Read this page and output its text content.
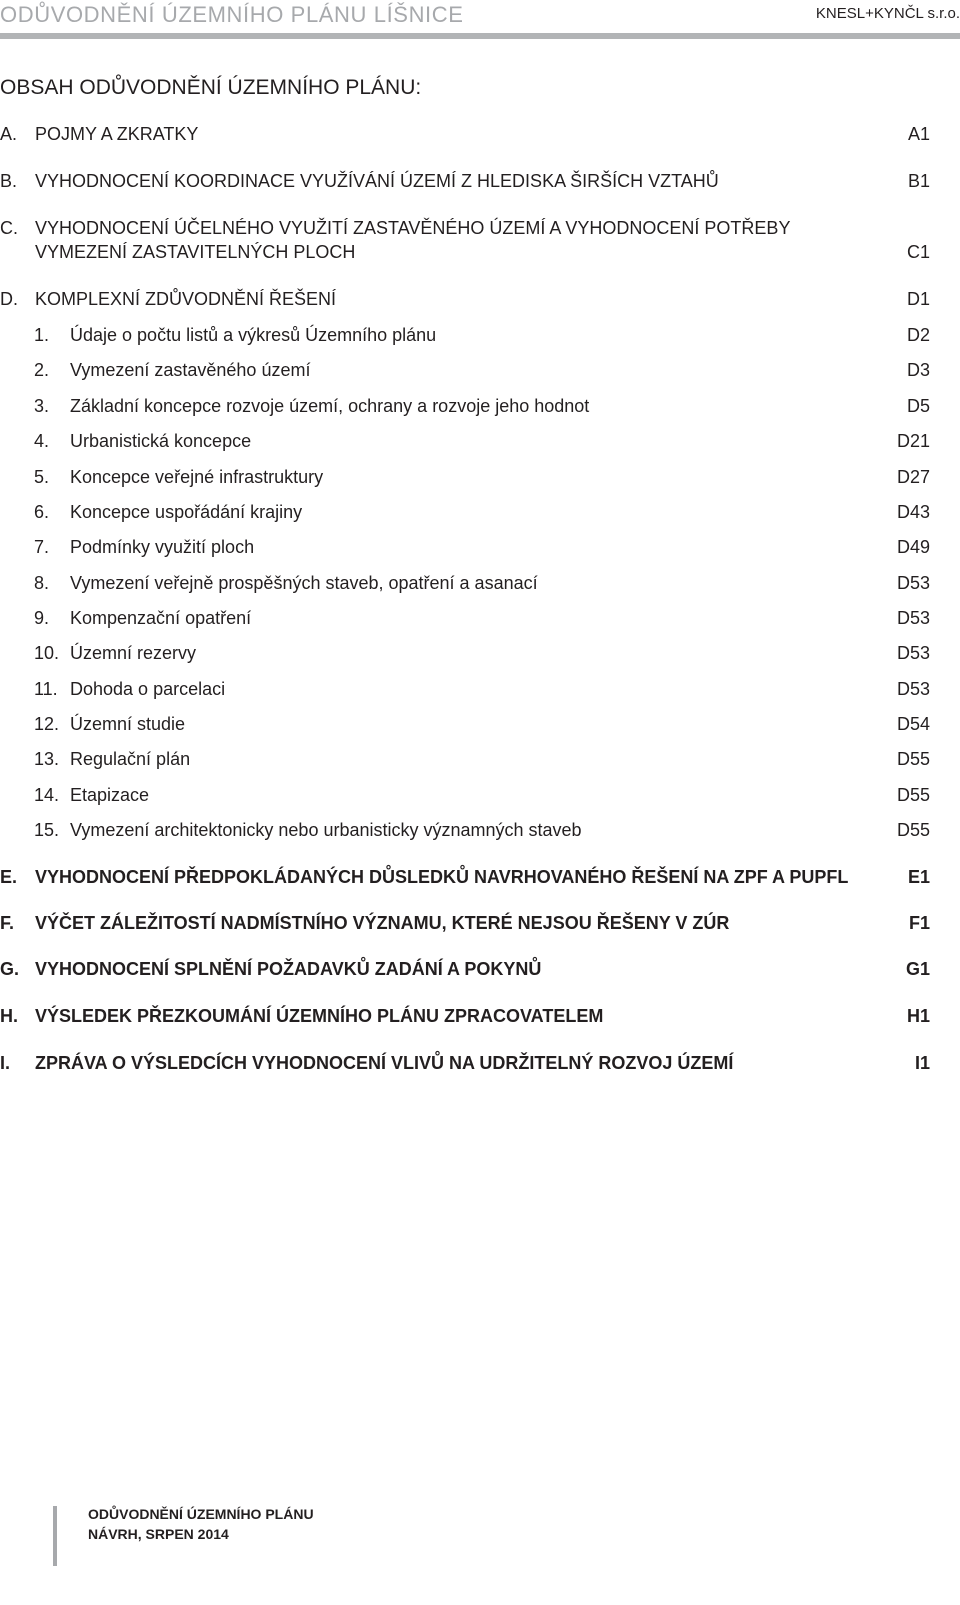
ODŮVODNĚNÍ ÚZEMNÍHO PLÁNU LÍŠNICE	KNESL+KYNČL s.r.o.
OBSAH ODŮVODNĚNÍ ÚZEMNÍHO PLÁNU:
A. POJMY A ZKRATKY	A1
B. VYHODNOCENÍ KOORDINACE VYUŽÍVÁNÍ ÚZEMÍ Z HLEDISKA ŠIRŠÍCH VZTAHŮ	B1
C. VYHODNOCENÍ ÚČELNÉHO VYUŽITÍ ZASTAVĚNÉHO ÚZEMÍ A VYHODNOCENÍ POTŘEBY
VYMEZENÍ ZASTAVITELNÝCH PLOCH	C1
D. KOMPLEXNÍ ZDŮVODNĚNÍ ŘEŠENÍ	D1
1. Údaje o počtu listů a výkresů Územního plánu	D2
2. Vymezení zastavěného území	D3
3. Základní koncepce rozvoje území, ochrany a rozvoje jeho hodnot	D5
4. Urbanistická koncepce	D21
5. Koncepce veřejné infrastruktury	D27
6. Koncepce uspořádání krajiny	D43
7. Podmínky využití ploch	D49
8. Vymezení veřejně prospěšných staveb, opatření a asanací	D53
9. Kompenzační opatření	D53
10. Územní rezervy	D53
11. Dohoda o parcelaci	D53
12. Územní studie	D54
13. Regulační plán	D55
14. Etapizace	D55
15. Vymezení architektonicky nebo urbanisticky významných staveb	D55
E. VYHODNOCENÍ PŘEDPOKLÁDANÝCH DŮSLEDKŮ NAVRHOVANÉHO ŘEŠENÍ NA ZPF A PUPFL	E1
F. VÝČET ZÁLEŽITOSTÍ NADMÍSTNÍHO VÝZNAMU, KTERÉ NEJSOU ŘEŠENY V ZÚR	F1
G. VYHODNOCENÍ SPLNĚNÍ POŽADAVKŮ ZADÁNÍ A POKYNŮ	G1
H. VÝSLEDEK PŘEZKOUMÁNÍ ÚZEMNÍHO PLÁNU ZPRACOVATELEM	H1
I. ZPRÁVA O VÝSLEDCÍCH VYHODNOCENÍ VLIVŮ NA UDRŽITELNÝ ROZVOJ ÚZEMÍ	I1
ODŮVODNĚNÍ ÚZEMNÍHO PLÁNU
NÁVRH, SRPEN 2014
